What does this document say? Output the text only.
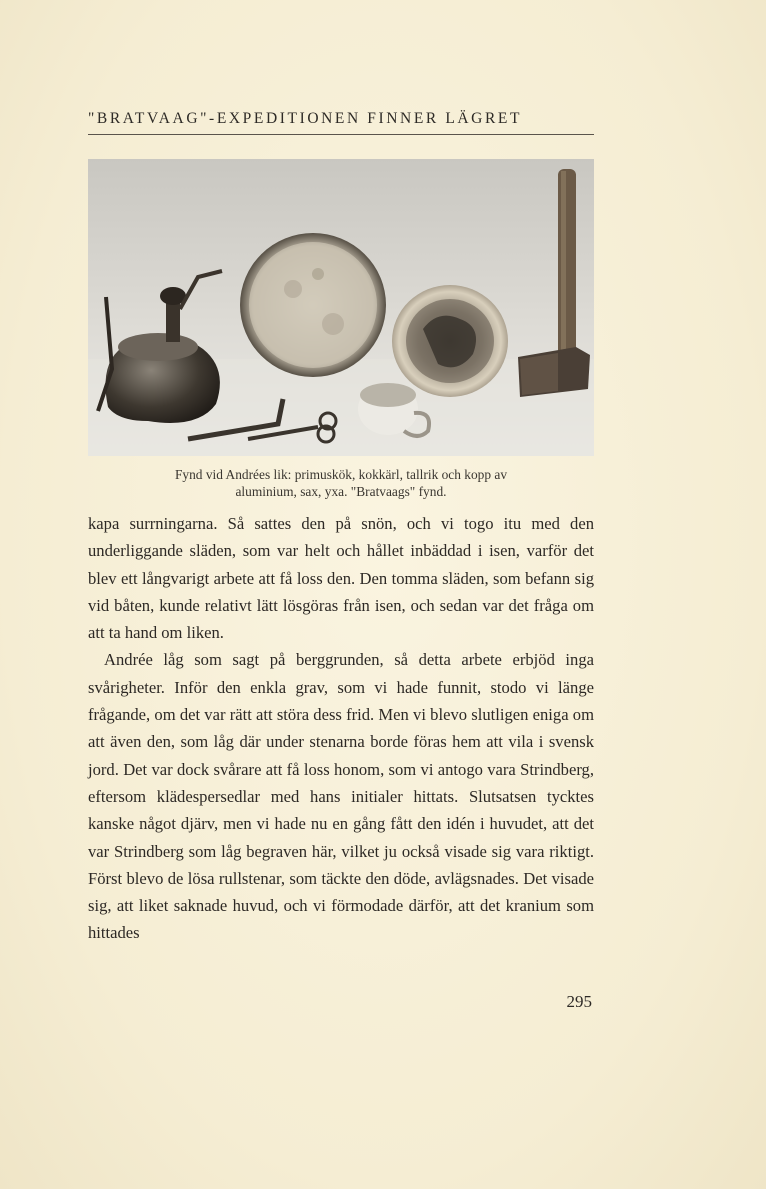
"BRATVAAG"-EXPEDITIONEN FINNER LÄGRET
Fynd vid Andrées lik: primuskök, kokkärl, tallrik och kopp av
aluminium, sax, yxa. "Bratvaags" fynd.

kapa surrningarna. Så sattes den på snön, och vi togo itu med den underliggande släden, som var helt och hållet inbäddad i isen, varför det blev ett långvarigt arbete att få loss den. Den tomma släden, som befann sig vid båten, kunde relativt lätt lösgöras från isen, och sedan var det fråga om att ta hand om liken.

Andrée låg som sagt på berggrunden, så detta arbete erbjöd inga svårigheter. Inför den enkla grav, som vi hade funnit, stodo vi länge frågande, om det var rätt att störa dess frid. Men vi blevo slutligen eniga om att även den, som låg där under stenarna borde föras hem att vila i svensk jord. Det var dock svårare att få loss honom, som vi antogo vara Strindberg, eftersom klädespersedlar med hans initialer hittats. Slutsatsen tycktes kanske något djärv, men vi hade nu en gång fått den idén i huvudet, att det var Strindberg som låg begraven här, vilket ju också visade sig vara riktigt. Först blevo de lösa rullstenar, som täckte den döde, avlägsnades. Det visade sig, att liket saknade huvud, och vi förmodade därför, att det kranium som hittades

295
